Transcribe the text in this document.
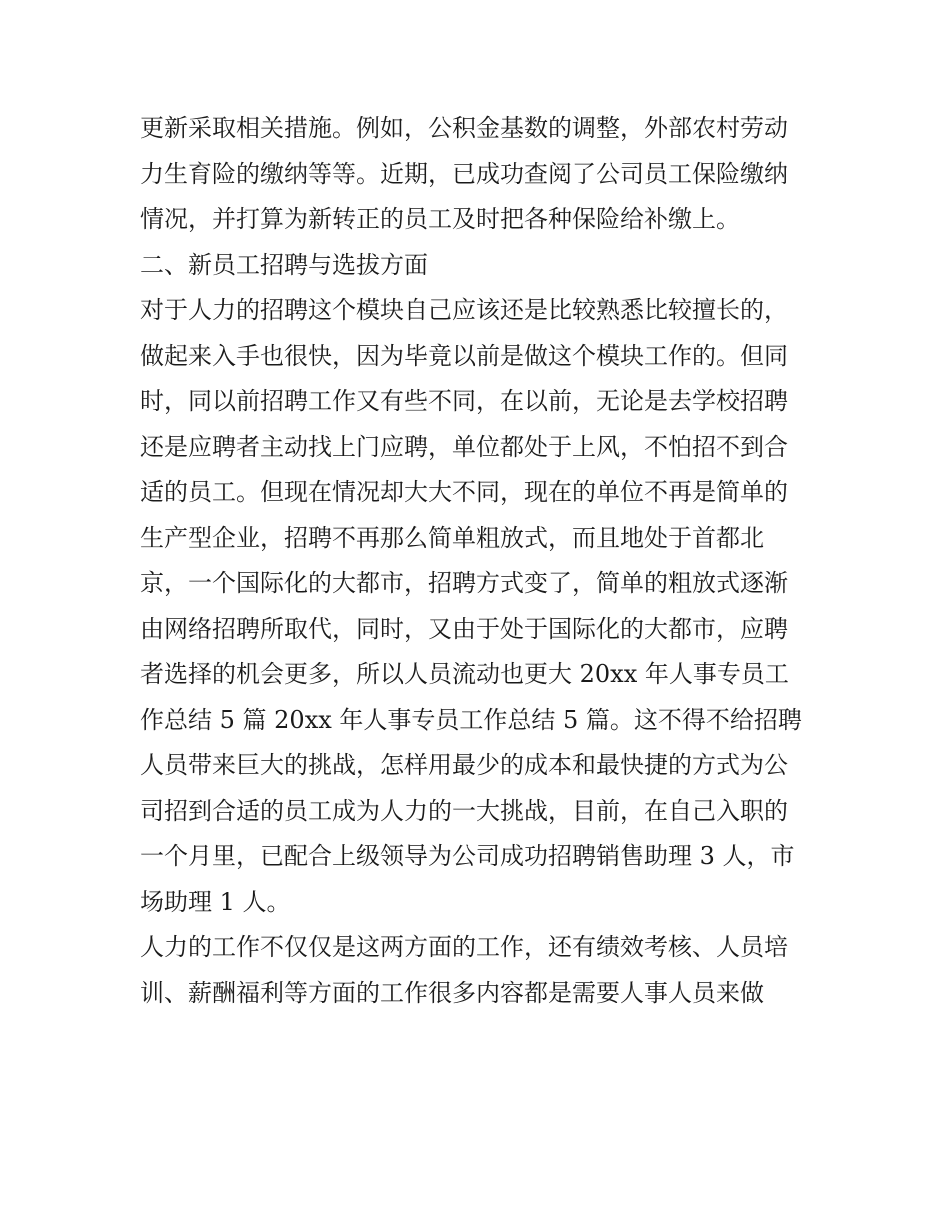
更新采取相关措施。例如，公积金基数的调整，外部农村劳动
力生育险的缴纳等等。近期，已成功查阅了公司员工保险缴纳
情况，并打算为新转正的员工及时把各种保险给补缴上。
二、新员工招聘与选拔方面
对于人力的招聘这个模块自己应该还是比较熟悉比较擅长的，
做起来入手也很快，因为毕竟以前是做这个模块工作的。但同
时，同以前招聘工作又有些不同，在以前，无论是去学校招聘
还是应聘者主动找上门应聘，单位都处于上风，不怕招不到合
适的员工。但现在情况却大大不同，现在的单位不再是简单的
生产型企业，招聘不再那么简单粗放式，而且地处于首都北
京，一个国际化的大都市，招聘方式变了，简单的粗放式逐渐
由网络招聘所取代，同时，又由于处于国际化的大都市，应聘
者选择的机会更多，所以人员流动也更大 20xx 年人事专员工
作总结 5 篇 20xx 年人事专员工作总结 5 篇。这不得不给招聘
人员带来巨大的挑战，怎样用最少的成本和最快捷的方式为公
司招到合适的员工成为人力的一大挑战，目前，在自己入职的
一个月里，已配合上级领导为公司成功招聘销售助理 3 人，市
场助理 1 人。
人力的工作不仅仅是这两方面的工作，还有绩效考核、人员培
训、薪酬福利等方面的工作很多内容都是需要人事人员来做
